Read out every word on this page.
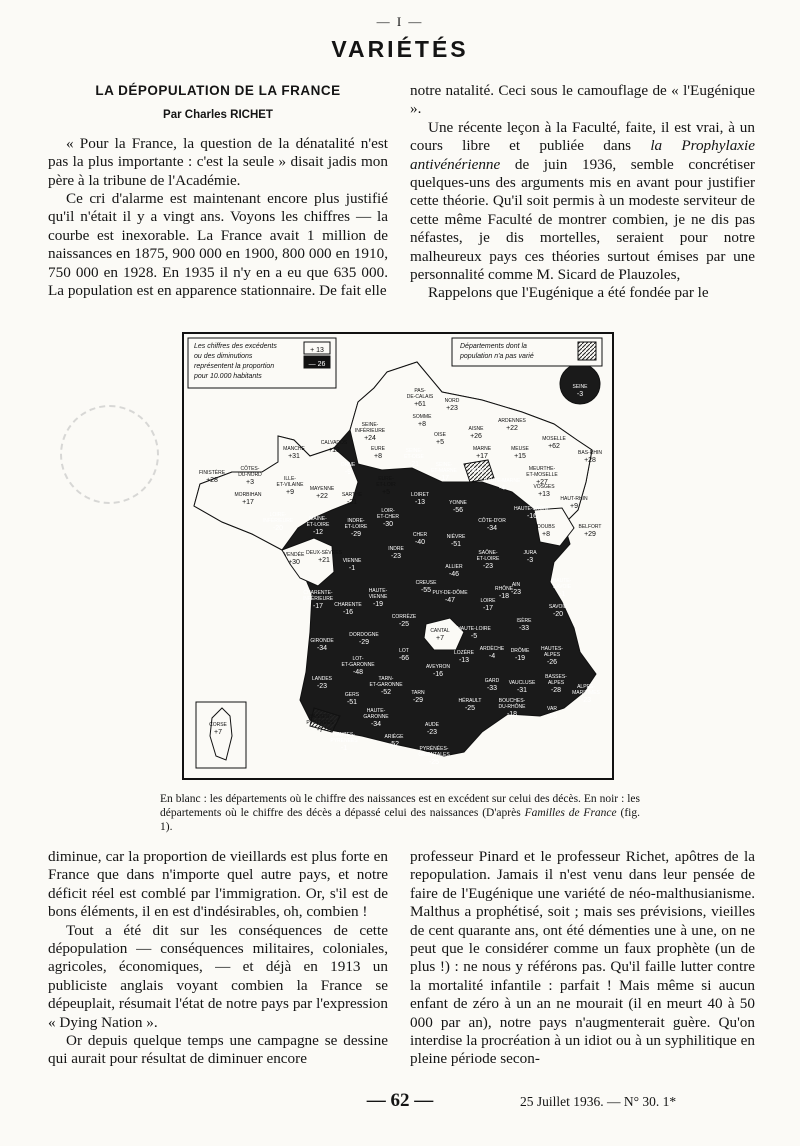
— I —
VARIÉTÉS
LA DÉPOPULATION DE LA FRANCE
Par Charles RICHET

« Pour la France, la question de la dénatalité n'est pas la plus importante : c'est la seule » disait jadis mon père à la tribune de l'Académie.

Ce cri d'alarme est maintenant encore plus justifié qu'il n'était il y a vingt ans. Voyons les chiffres — la courbe est inexorable. La France avait 1 million de naissances en 1875, 900 000 en 1900, 800 000 en 1910, 750 000 en 1928. En 1935 il n'y en a eu que 635 000. La population est en apparence stationnaire. De fait elle

notre natalité. Ceci sous le camouflage de « l'Eugénique ».

Une récente leçon à la Faculté, faite, il est vrai, à un cours libre et publiée dans la Prophylaxie antivénérienne de juin 1936, semble concrétiser quelques-uns des arguments mis en avant pour justifier cette théorie. Qu'il soit permis à un modeste serviteur de cette même Faculté de montrer combien, je ne dis pas néfastes, je dis mortelles, seraient pour notre malheureux pays ces théories surtout émises par une personnalité comme M. Sicard de Plauzoles,

Rappelons que l'Eugénique a été fondée par le

Les chiffres des excédents
ou des diminutions
représentent la proportion
pour 10.000 habitants
+ 13
— 26
Départements dont la
population n'a pas varié
PAS-
DE-CALAIS
+61	NORD
+23
SOMME
+8
SEINE-
INFÉRIEURE
+24	OISE
+5
AISNE
+26
ARDENNES
+22
SEINE
-3
MANCHE
+31
CALVADOS
+13	EURE
+8
SEINE-
ET-OISE
-21
MARNE
+17
MEUSE
+15
MOSELLE
+62
BAS-RHIN
+28
MEURTHE-
ET-MOSELLE
+27
FINISTÈRE
+28
CÔTES-
DU-NORD
+3
ORNE
-9
SEINE-
ET-MARNE
-17
AUBE
VOSGES
+13
HAUT-RHIN
+9
ILLE-
ET-VILAINE
+9
MORBIHAN
+17
MAYENNE
+22	SARTHE
-21
EURE-
ET-LOIR
+5	LOIRET
-13	YONNE
-56
HAUTE-MARNE
-4
HAUTE-SAÔNE
-16
LOIRE-
INFÉRIEURE
-20
MAINE-
ET-LOIRE
-12
INDRE-
ET-LOIRE
-29
LOIR-
ET-CHER
-30
CHER
-40
NIÈVRE
-51
CÔTE-D'OR
-34	DOUBS
+8
BELFORT
+29
VENDÉE
+30
DEUX-SÈVRES
+21	VIENNE
-1
INDRE
-23	SAÔNE-
ET-LOIRE
-23
JURA
-3
ALLIER
-46
CREUSE
-55
HAUTE-
VIENNE
-19
AIN
-23
HAUTE-
SAVOIE
-1
CHARENTE-
INFÉRIEURE
-17 CHARENTE
-16
PUY-DE-DÔME
-47	LOIRE
-17
RHÔNE
-18
SAVOIE
-20
CORRÈZE
-25
DORDOGNE
-29
CANTAL
+7
HAUTE-LOIRE
-5
ISÈRE
-33
HAUTES-
ALPES
-26
GIRONDE
-34	LOT
-66
LOT-
ET-GARONNE
-48
ARDÈCHE
-4
DRÔME
-19
LOZÈRE
-13
AVEYRON
-16
LANDES
-23
TARN-
ET-GARONNE
-52
GARD
-33
VAUCLUSE
-31
BASSES-
ALPES
-28	ALPES-
MARITIMES
-23
GERS
-51
TARN
-29	HÉRAULT
-25
BOUCHES-
DU-RHÔNE
-18
VAR
-26
BASSES-
PYRÉNÉES
-7
HAUTE-
GARONNE
-34	AUDE
-23
HAUTES-
PYRÉNÉES
-1
ARIÈGE
-52
PYRÉNÉES-
ORIENTALES
-25
CORSE
+7

En blanc : les départements où le chiffre des naissances est en excédent sur celui des décès. En noir : les départements où le chiffre des décès a dépassé celui des naissances (D'après Familles de France (fig. 1).

diminue, car la proportion de vieillards est plus forte en France que dans n'importe quel autre pays, et notre déficit réel est comblé par l'immigration. Or, s'il est de bons éléments, il en est d'indésirables, oh, combien !

Tout a été dit sur les conséquences de cette dépopulation — conséquences militaires, coloniales, agricoles, économiques, — et déjà en 1913 un publiciste anglais voyant combien la France se dépeuplait, résumait l'état de notre pays par l'expression « Dying Nation ».

Or depuis quelque temps une campagne se dessine qui aurait pour résultat de diminuer encore

professeur Pinard et le professeur Richet, apôtres de la repopulation. Jamais il n'est venu dans leur pensée de faire de l'Eugénique une variété de néo-malthusianisme. Malthus a prophétisé, soit ; mais ses prévisions, vieilles de cent quarante ans, ont été démenties une à une, on ne peut que le considérer comme un faux prophète (un de plus !) : ne nous y référons pas. Qu'il faille lutter contre la mortalité infantile : parfait ! Mais même si aucun enfant de zéro à un an ne mourait (il en meurt 40 à 50 000 par an), notre pays n'augmenterait guère. Qu'on interdise la procréation à un idiot ou à un syphilitique en pleine période secon-

— 62 —	25 Juillet 1936. — N° 30. 1*
